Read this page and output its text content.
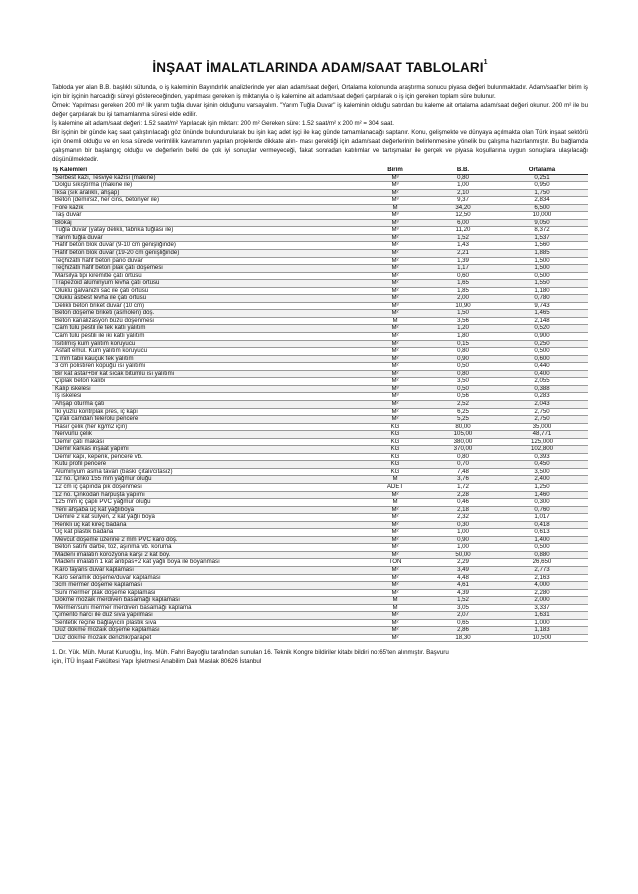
İNŞAAT İMALATLARINDA ADAM/SAAT TABLOLARI$^1$

Tabloda yer alan B.B. başlıklı sütunda, o iş kaleminin Bayındırlık analizlerinde yer alan adam/saat değeri, Ortalama kolonunda araştırma sonucu piyasa değeri bulunmaktadır. Adam/saat'ler birim iş için bir işçinin harcadığı süreyi göstereceğinden, yapılması gereken iş miktarıyla o iş kalemine ait adam/saat değeri çarpılarak o iş için gereken toplam süre bulunur.

Örnek: Yapılması gereken 200 m² lik yarım tuğla duvar işinin olduğunu varsayalım. "Yarım Tuğla Duvar" iş kaleminin olduğu satırdan bu kaleme ait ortalama adam/saat değeri okunur. 200 m² ile bu değer çarpılarak bu işi tamamlanma süresi elde edilir.

İş kalemine ait adam/saat değeri: 1.52 saat/m² Yapılacak işin miktarı: 200 m² Gereken süre: 1.52 saat/m² x 200 m² = 304 saat.

Bir işçinin bir günde kaç saat çalıştırılacağı göz önünde bulundurularak bu işin kaç adet işçi ile kaç günde tamamlanacağı saptanır. Konu, gelişmekte ve dünyaya açılmakta olan Türk inşaat sektörü için önemli olduğu ve en kısa sürede verimlilik kavramının yapılan projelerde dikkate alın- ması gerektiği için adam/saat değerlerinin belirlenmesine yönelik bu çalışma hazırlanmıştır. Bu bağlamda çalışmanın bir başlangıç olduğu ve değerlerin belki de çok iyi sonuçlar vermeyeceği, fakat sonradan katılımlar ve tartışmalar ile gerçek ve piyasa koşullarına uygun sonuçlara ulaşılacağı düşünülmektedir.

İş Kalemleri	Birim	B.B.	Ortalama
Serbest kazı, Tesviye kazısı (makine)	M³	0,80	0,251
Dolgu sıkıştırma (makine ile)	M³	1,00	0,950
İksa (sık aralıklı, ahşap)	M²	2,10	1,750
Beton (demirsiz, her cins, betonyer ile)	M³	9,37	2,834
Fore kazık	M	34,20	6,500
Taş duvar	M³	12,50	10,000
Blokaj	M³	6,00	9,050
Tuğla duvar (yatay delikli, fabrika tuğlası ile)	M³	11,20	8,372
Yarım tuğla duvar	M²	1,52	1,537
Hafif beton blok duvar (9-10 cm genişliğinde)	M²	1,43	1,560
Hafif beton blok duvar (19-20 cm genişliğinde)	M²	2,21	1,885
Teçhizatlı hafif beton pano duvar	M²	1,39	1,500
Teçhizatlı hafif beton plak çatı döşemesi	M²	1,17	1,500
Marsilya tipi kiremitle çatı örtüsü	M²	0,60	0,500
Trapezoid alüminyum levha çatı örtüsü	M²	1,65	1,550
Oluklu galvanizli sac ile çatı örtüsü	M²	1,85	1,180
Oluklu asbest levha ile çatı örtüsü	M²	2,00	0,780
Delikli beton briket duvar (10 cm)	M³	10,90	9,743
Beton döşeme briketi (asmolen) döş.	M²	1,50	1,465
Beton kanalizasyon büzü döşenmesi	M	3,56	2,148
Cam tülü pestil ile tek katlı yalıtım	M²	1,20	0,520
Cam tülü pestili ile iki katlı yalıtım	M²	1,80	0,900
Isıtılmış kum yalıtım koruyucu	M²	0,15	0,250
Asfalt emül. Kum yalıtım koruyucu	M²	0,80	0,500
1 mm tabii kauçuk tek yalıtım	M²	0,90	0,600
3 cm polistiren köpüğü ısı yalıtımı	M²	0,50	0,440
Bir kat astar+bir kat sıcak bitümlü ısı yalıtımı	M²	0,80	0,400
Çıplak beton kalıbı	M²	3,50	2,055
Kalıp iskelesi	M³	0,50	0,388
İş iskelesi	M³	0,56	0,283
Ahşap oturma çatı	M²	2,52	2,043
İki yüzlü kontrplak pres, iç kapı	M²	6,25	2,750
Çıralı camdan telerolu pencere	M²	5,25	2,750
Hasır çelik (her kg/m2 için)	KG	80,00	35,000
Nervürlü çelik	KG	105,00	48,771
Demir çatı makası	KG	380,00	125,000
Demir karkas inşaat yapımı	KG	370,00	102,800
Demir kapı, kepenk, pencere vb.	KG	0,80	0,393
Kutu profil pencere	KG	0,70	0,450
Alüminyum asma tavan (baskı çıtalı/cıtasız)	KG	7,48	3,500
12 no. Çinko 155 mm yağmur oluğu	M	3,76	2,400
12 cm iç çapında pik döşenmesi	ADET	1,72	1,250
12 no. Çinkodan harpuşta yapımı	M²	2,28	1,460
125 mm iç çaplı PVC yağmur oluğu	M	0,46	0,300
Yeni ahşaba üç kat yağlıboya	M²	2,18	0,760
Demire 2 kat sülyen, 2 kat yağlı boya	M²	2,32	1,017
Renkli üç kat kireç badana	M²	0,30	0,418
Üç kat plastik badana	M²	1,00	0,613
Mevcut döşeme üzerine 2 mm PVC karo döş.	M²	0,90	1,400
Beton satıhı darbe, toz, aşınma vb. koruma	M²	1,00	0,500
Madeni imalatın korozyona karşı 2 kat boy.	M²	50,00	0,880
Madeni imalatın 1 kat antipas+2 kat yağlı boya ile boyanması	TON	2,29	26,650
Karo fayans duvar kaplaması	M²	3,49	2,773
Karo seramik döşeme/duvar kaplaması	M²	4,48	2,163
3cm mermer döşeme kaplaması	M²	4,61	4,000
Suni mermer plak döşeme kaplaması	M²	4,39	2,280
Dökme mozaik merdiven basamağı kaplaması	M	1,52	2,000
Mermer/suni mermer merdiven basamağı kaplama	M	3,05	3,337
Çimento harcı ile düz sıva yapılması	M²	2,07	1,631
Sentetik reçine bağlayıcılı plastik sıva	M²	0,65	1,000
Düz dökme mozaik döşeme kaplaması	M²	2,86	1,183
Düz dökme mozaik denizlik/parapet	M²	18,30	10,500

1. Dr. Yük. Müh. Murat Kuruoğlu, İnş. Müh. Fahri Bayoğlu tarafından sunulan 16. Teknik Kongre bildiriler kitabı bildiri no:65'ten alınmıştır. Başvuru

için, İTÜ İnşaat Fakültesi Yapı İşletmesi Anabilim Dalı Maslak 80626 İstanbul
